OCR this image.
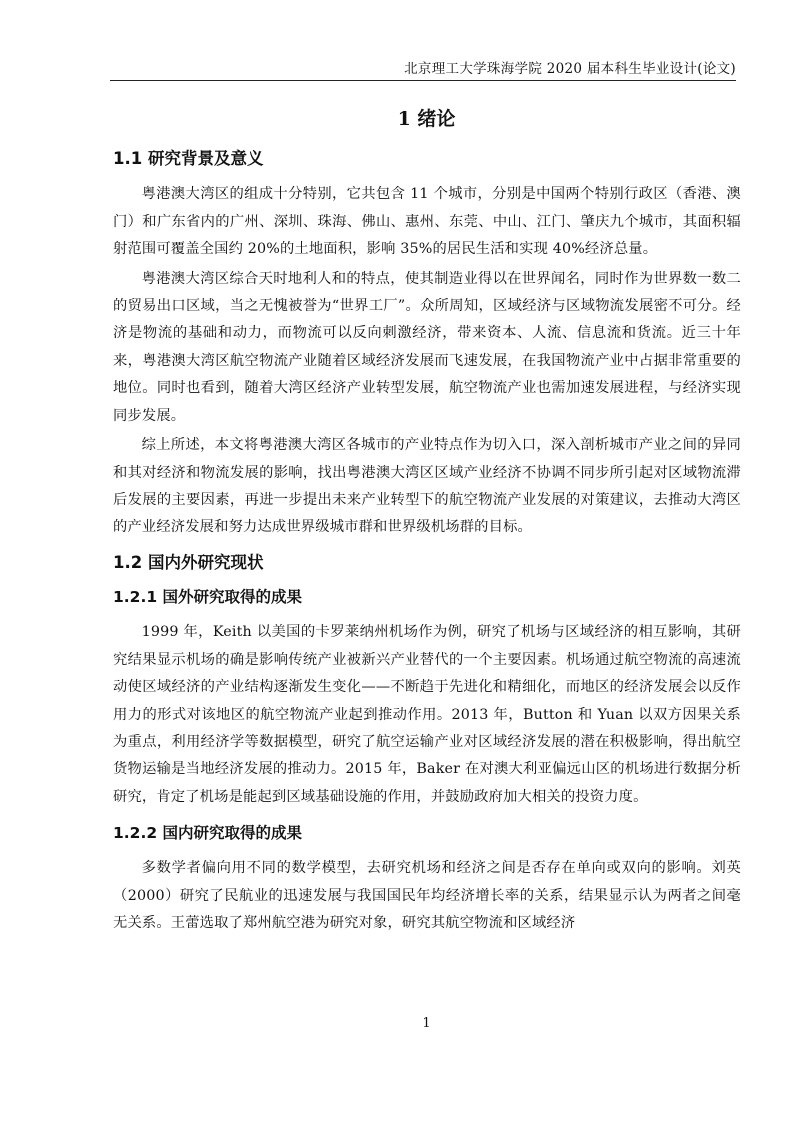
北京理工大学珠海学院 2020 届本科生毕业设计(论文)
1 绪论
1.1 研究背景及意义

粤港澳大湾区的组成十分特别，它共包含 11 个城市，分别是中国两个特别行政区（香港、澳门）和广东省内的广州、深圳、珠海、佛山、惠州、东莞、中山、江门、肇庆九个城市，其面积辐射范围可覆盖全国约 20%的土地面积，影响 35%的居民生活和实现 40%经济总量。

粤港澳大湾区综合天时地利人和的特点，使其制造业得以在世界闻名，同时作为世界数一数二的贸易出口区域，当之无愧被誉为“世界工厂”。众所周知，区域经济与区域物流发展密不可分。经济是物流的基础和动力，而物流可以反向刺激经济，带来资本、人流、信息流和货流。近三十年来，粤港澳大湾区航空物流产业随着区域经济发展而飞速发展，在我国物流产业中占据非常重要的地位。同时也看到，随着大湾区经济产业转型发展，航空物流产业也需加速发展进程，与经济实现同步发展。

综上所述，本文将粤港澳大湾区各城市的产业特点作为切入口，深入剖析城市产业之间的异同和其对经济和物流发展的影响，找出粤港澳大湾区区域产业经济不协调不同步所引起对区域物流滞后发展的主要因素，再进一步提出未来产业转型下的航空物流产业发展的对策建议，去推动大湾区的产业经济发展和努力达成世界级城市群和世界级机场群的目标。

1.2 国内外研究现状
1.2.1 国外研究取得的成果

1999 年，Keith 以美国的卡罗莱纳州机场作为例，研究了机场与区域经济的相互影响，其研究结果显示机场的确是影响传统产业被新兴产业替代的一个主要因素。机场通过航空物流的高速流动使区域经济的产业结构逐渐发生变化——不断趋于先进化和精细化，而地区的经济发展会以反作用力的形式对该地区的航空物流产业起到推动作用。2013 年，Button 和 Yuan 以双方因果关系为重点，利用经济学等数据模型，研究了航空运输产业对区域经济发展的潜在积极影响，得出航空货物运输是当地经济发展的推动力。2015 年，Baker 在对澳大利亚偏远山区的机场进行数据分析研究，肯定了机场是能起到区域基础设施的作用，并鼓励政府加大相关的投资力度。

1.2.2 国内研究取得的成果

多数学者偏向用不同的数学模型，去研究机场和经济之间是否存在单向或双向的影响。刘英（2000）研究了民航业的迅速发展与我国国民年均经济增长率的关系，结果显示认为两者之间毫无关系。王蕾选取了郑州航空港为研究对象，研究其航空物流和区域经济

1
